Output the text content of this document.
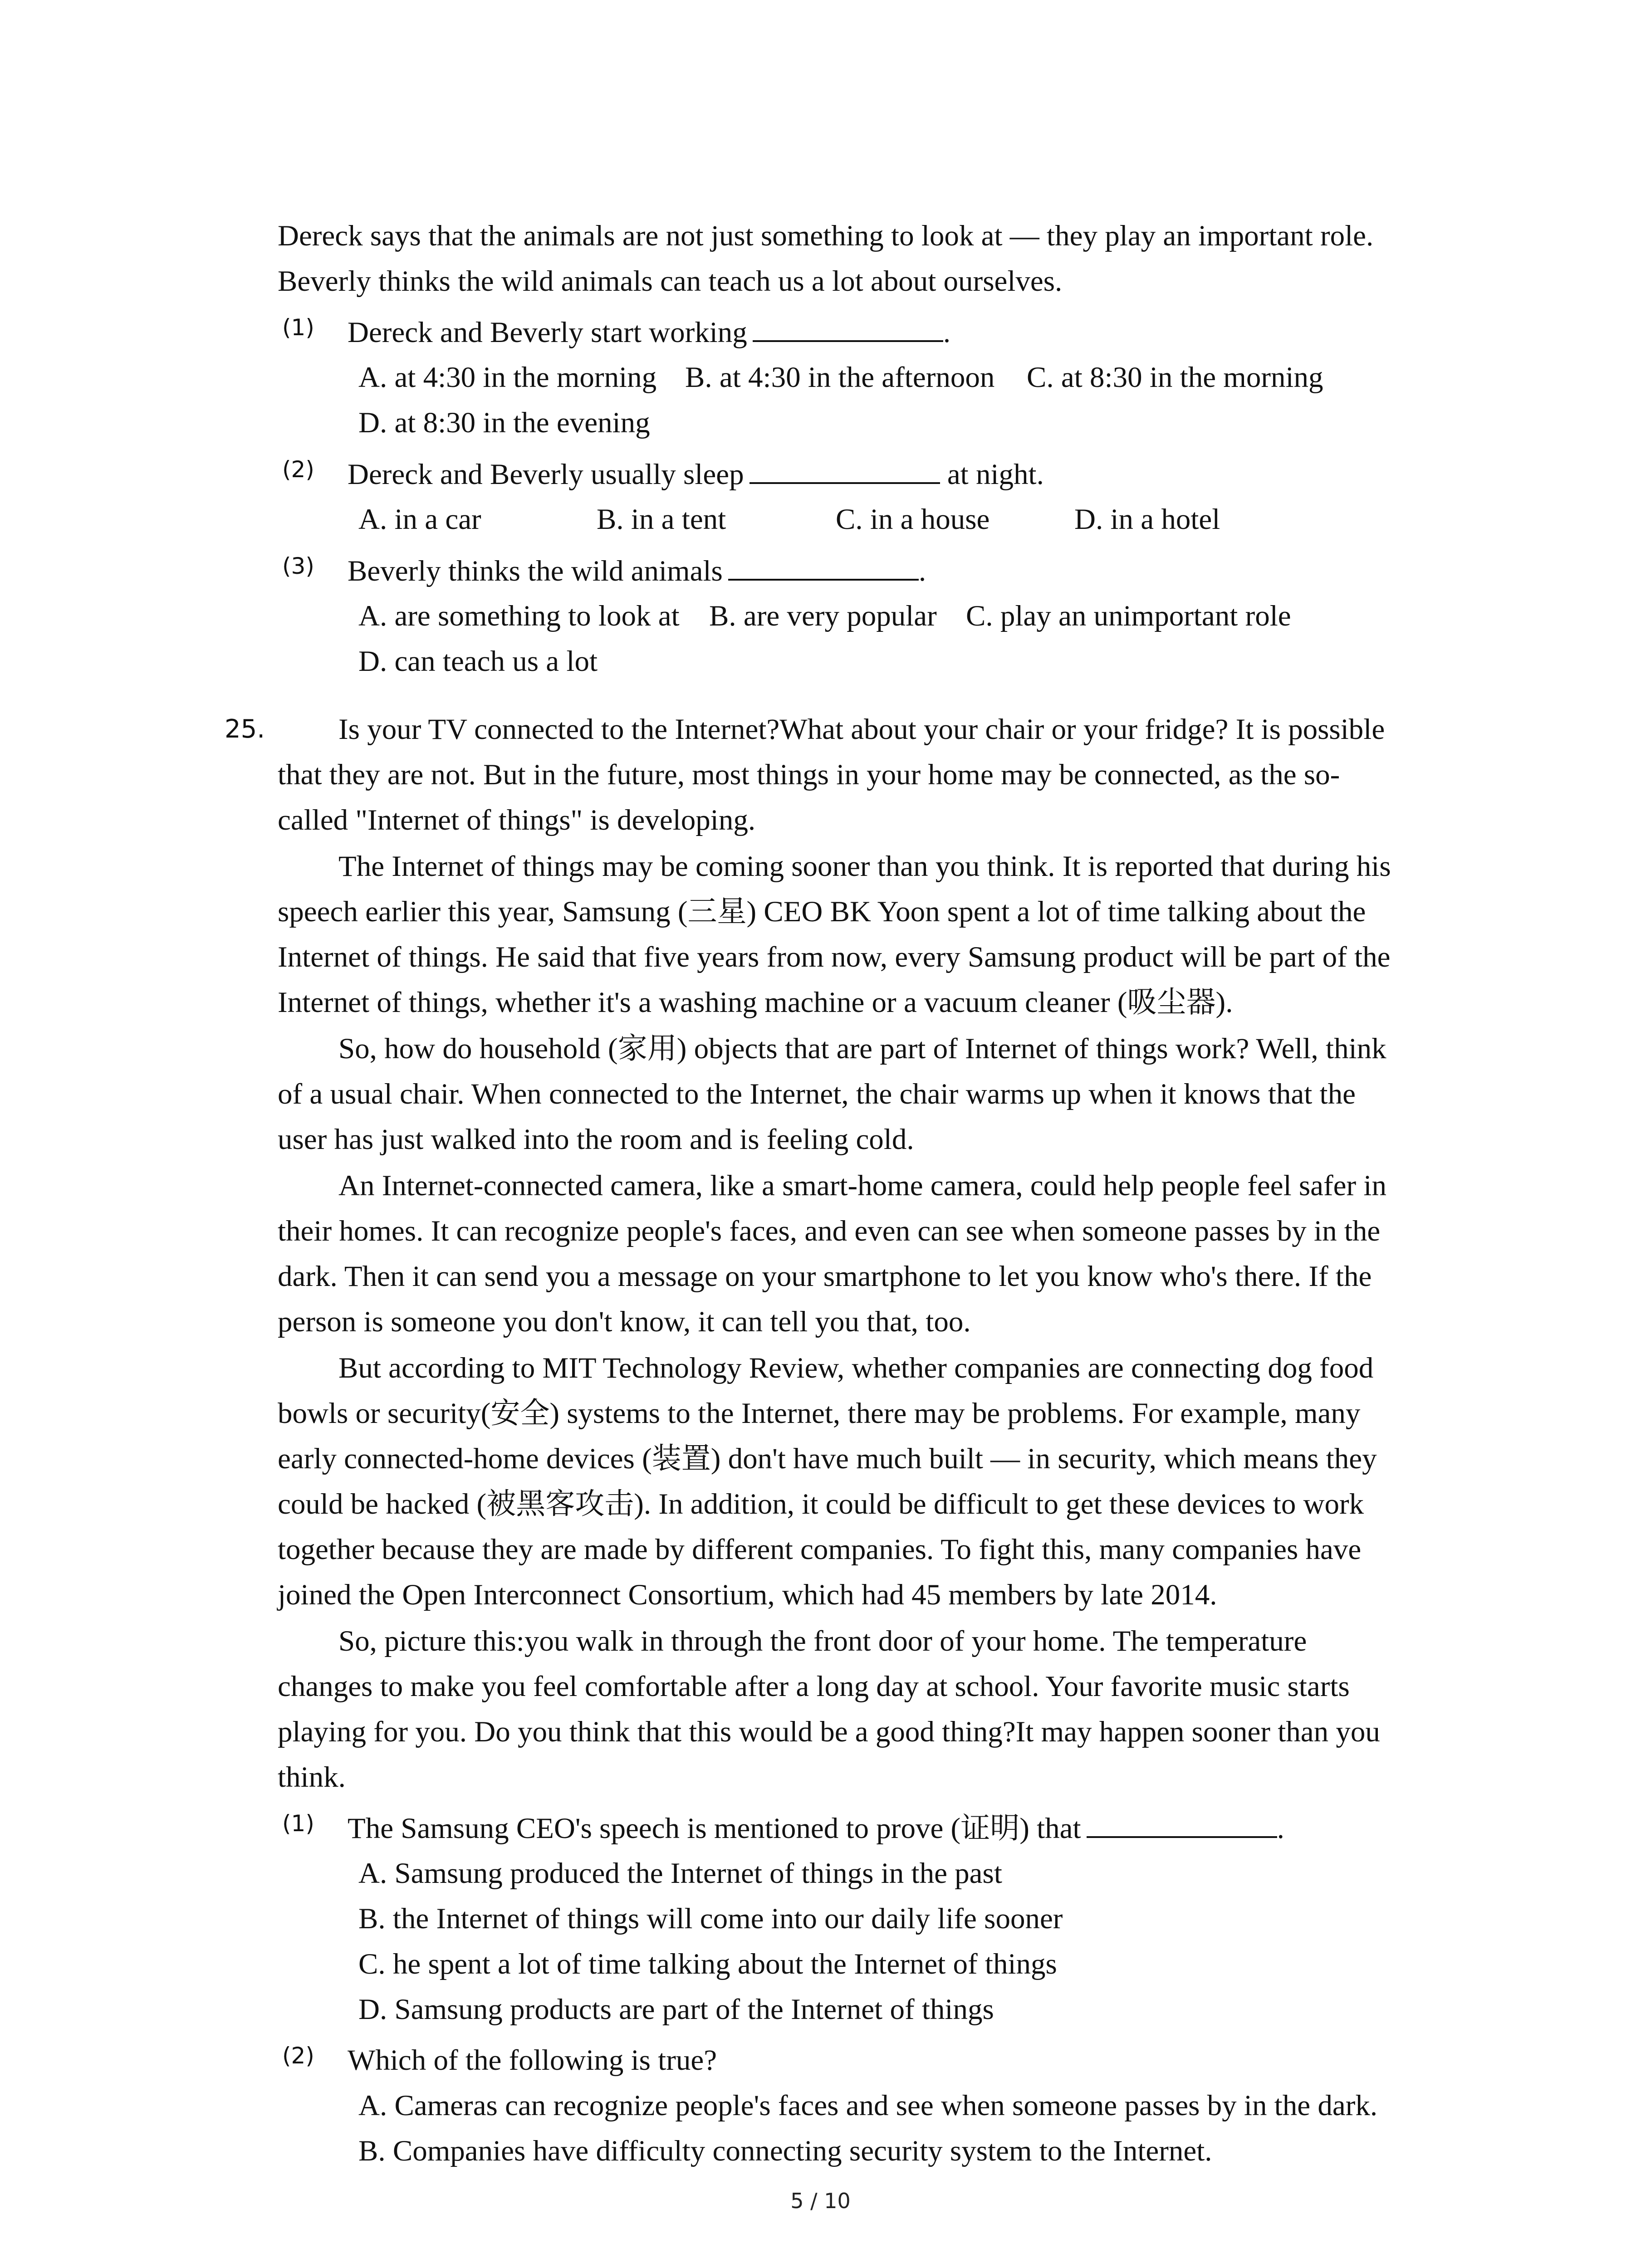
Dereck says that the animals are not just something to look at — they play an important role.
Beverly thinks the wild animals can teach us a lot about ourselves.
(1) Dereck and Beverly start working	.
A. at 4:30 in the morning B. at 4:30 in the afternoon C. at 8:30 in the morning
D. at 8:30 in the evening
(2) Dereck and Beverly usually sleep	at night.
A. in a car	B. in a tent	C. in a house	D. in a hotel
(3) Beverly thinks the wild animals	.
A. are something to look at B. are very popular C. play an unimportant role
D. can teach us a lot
25. Is your TV connected to the Internet?What about your chair or your fridge? It is possible
that they are not. But in the future, most things in your home may be connected, as the so-
called "Internet of things" is developing.
The Internet of things may be coming sooner than you think. It is reported that during his
speech earlier this year, Samsung (三星) CEO BK Yoon spent a lot of time talking about the
Internet of things. He said that five years from now, every Samsung product will be part of the
Internet of things, whether it's a washing machine or a vacuum cleaner (吸尘器).
So, how do household (家用) objects that are part of Internet of things work? Well, think
of a usual chair. When connected to the Internet, the chair warms up when it knows that the
user has just walked into the room and is feeling cold.
An Internet-connected camera, like a smart-home camera, could help people feel safer in
their homes. It can recognize people's faces, and even can see when someone passes by in the
dark. Then it can send you a message on your smartphone to let you know who's there. If the
person is someone you don't know, it can tell you that, too.
But according to MIT Technology Review, whether companies are connecting dog food
bowls or security(安全) systems to the Internet, there may be problems. For example, many
early connected-home devices (装置) don't have much built — in security, which means they
could be hacked (被黑客攻击). In addition, it could be difficult to get these devices to work
together because they are made by different companies. To fight this, many companies have
joined the Open Interconnect Consortium, which had 45 members by late 2014.
So, picture this:you walk in through the front door of your home. The temperature
changes to make you feel comfortable after a long day at school. Your favorite music starts
playing for you. Do you think that this would be a good thing?It may happen sooner than you
think.
(1) The Samsung CEO's speech is mentioned to prove (证明) that	.
A. Samsung produced the Internet of things in the past
B. the Internet of things will come into our daily life sooner
C. he spent a lot of time talking about the Internet of things
D. Samsung products are part of the Internet of things
(2) Which of the following is true?
A. Cameras can recognize people's faces and see when someone passes by in the dark.
B. Companies have difficulty connecting security system to the Internet.
5 / 10
